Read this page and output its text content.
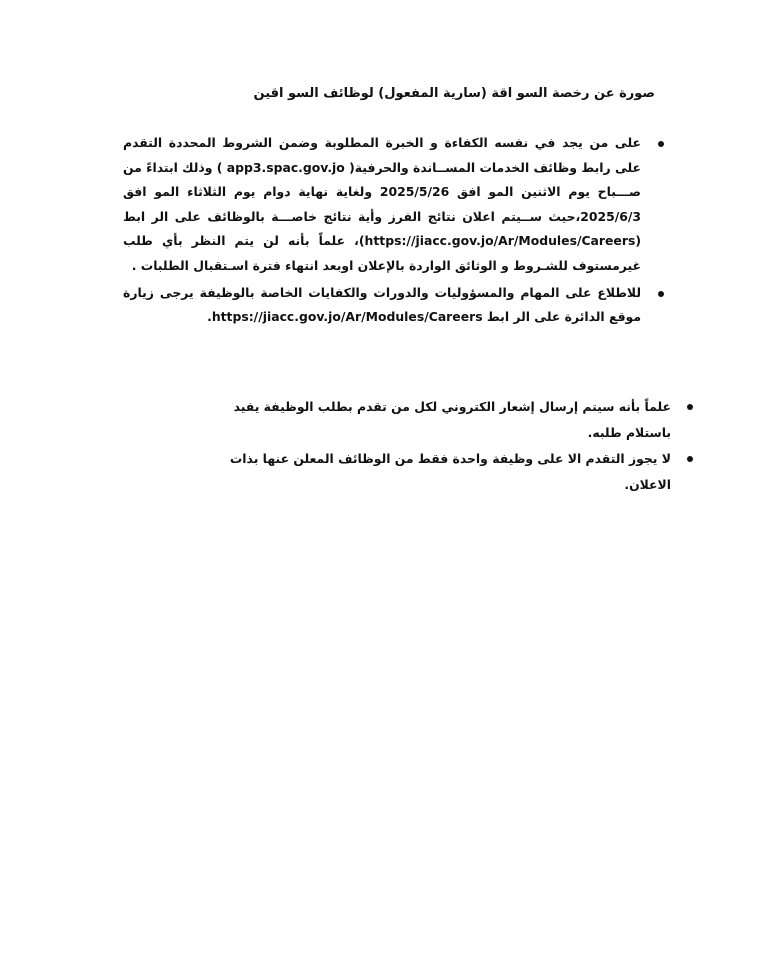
صورة عن رخصة السو اقة (سارية المفعول) لوظائف السو اقين
على من يجد في نفسه الكفاءة و الخبرة المطلوبة وضمن الشروط المحددة التقدم على رابط وظائف الخدمات المســاندة والحرفية( app3.spac.gov.jo ) وذلك ابتداءً من صـــباح يوم الاثنين المو افق 2025/5/26 ولغاية نهاية دوام يوم الثلاثاء المو افق 2025/6/3،حيث ســيتم اعلان نتائج الفرز وأية نتائج خاصـــة بالوظائف على الر ابط (https://jiacc.gov.jo/Ar/Modules/Careers)، علماً بأنه لن يتم النظر بأي طلب غيرمستوف للشـروط و الوثائق الواردة بالإعلان اوبعد انتهاء فترة اسـتقبال الطلبات .
للاطلاع على المهام والمسؤوليات والدورات والكفايات الخاصة بالوظيفة يرجى زيارة موقع الدائرة على الر ابط https://jiacc.gov.jo/Ar/Modules/Careers.
علماً بأنه سيتم إرسال إشعار الكتروني لكل من تقدم بطلب الوظيفة يفيد باستلام طلبه.
لا يجوز التقدم الا على وظيفة واحدة فقط من الوظائف المعلن عنها بذات الاعلان.
